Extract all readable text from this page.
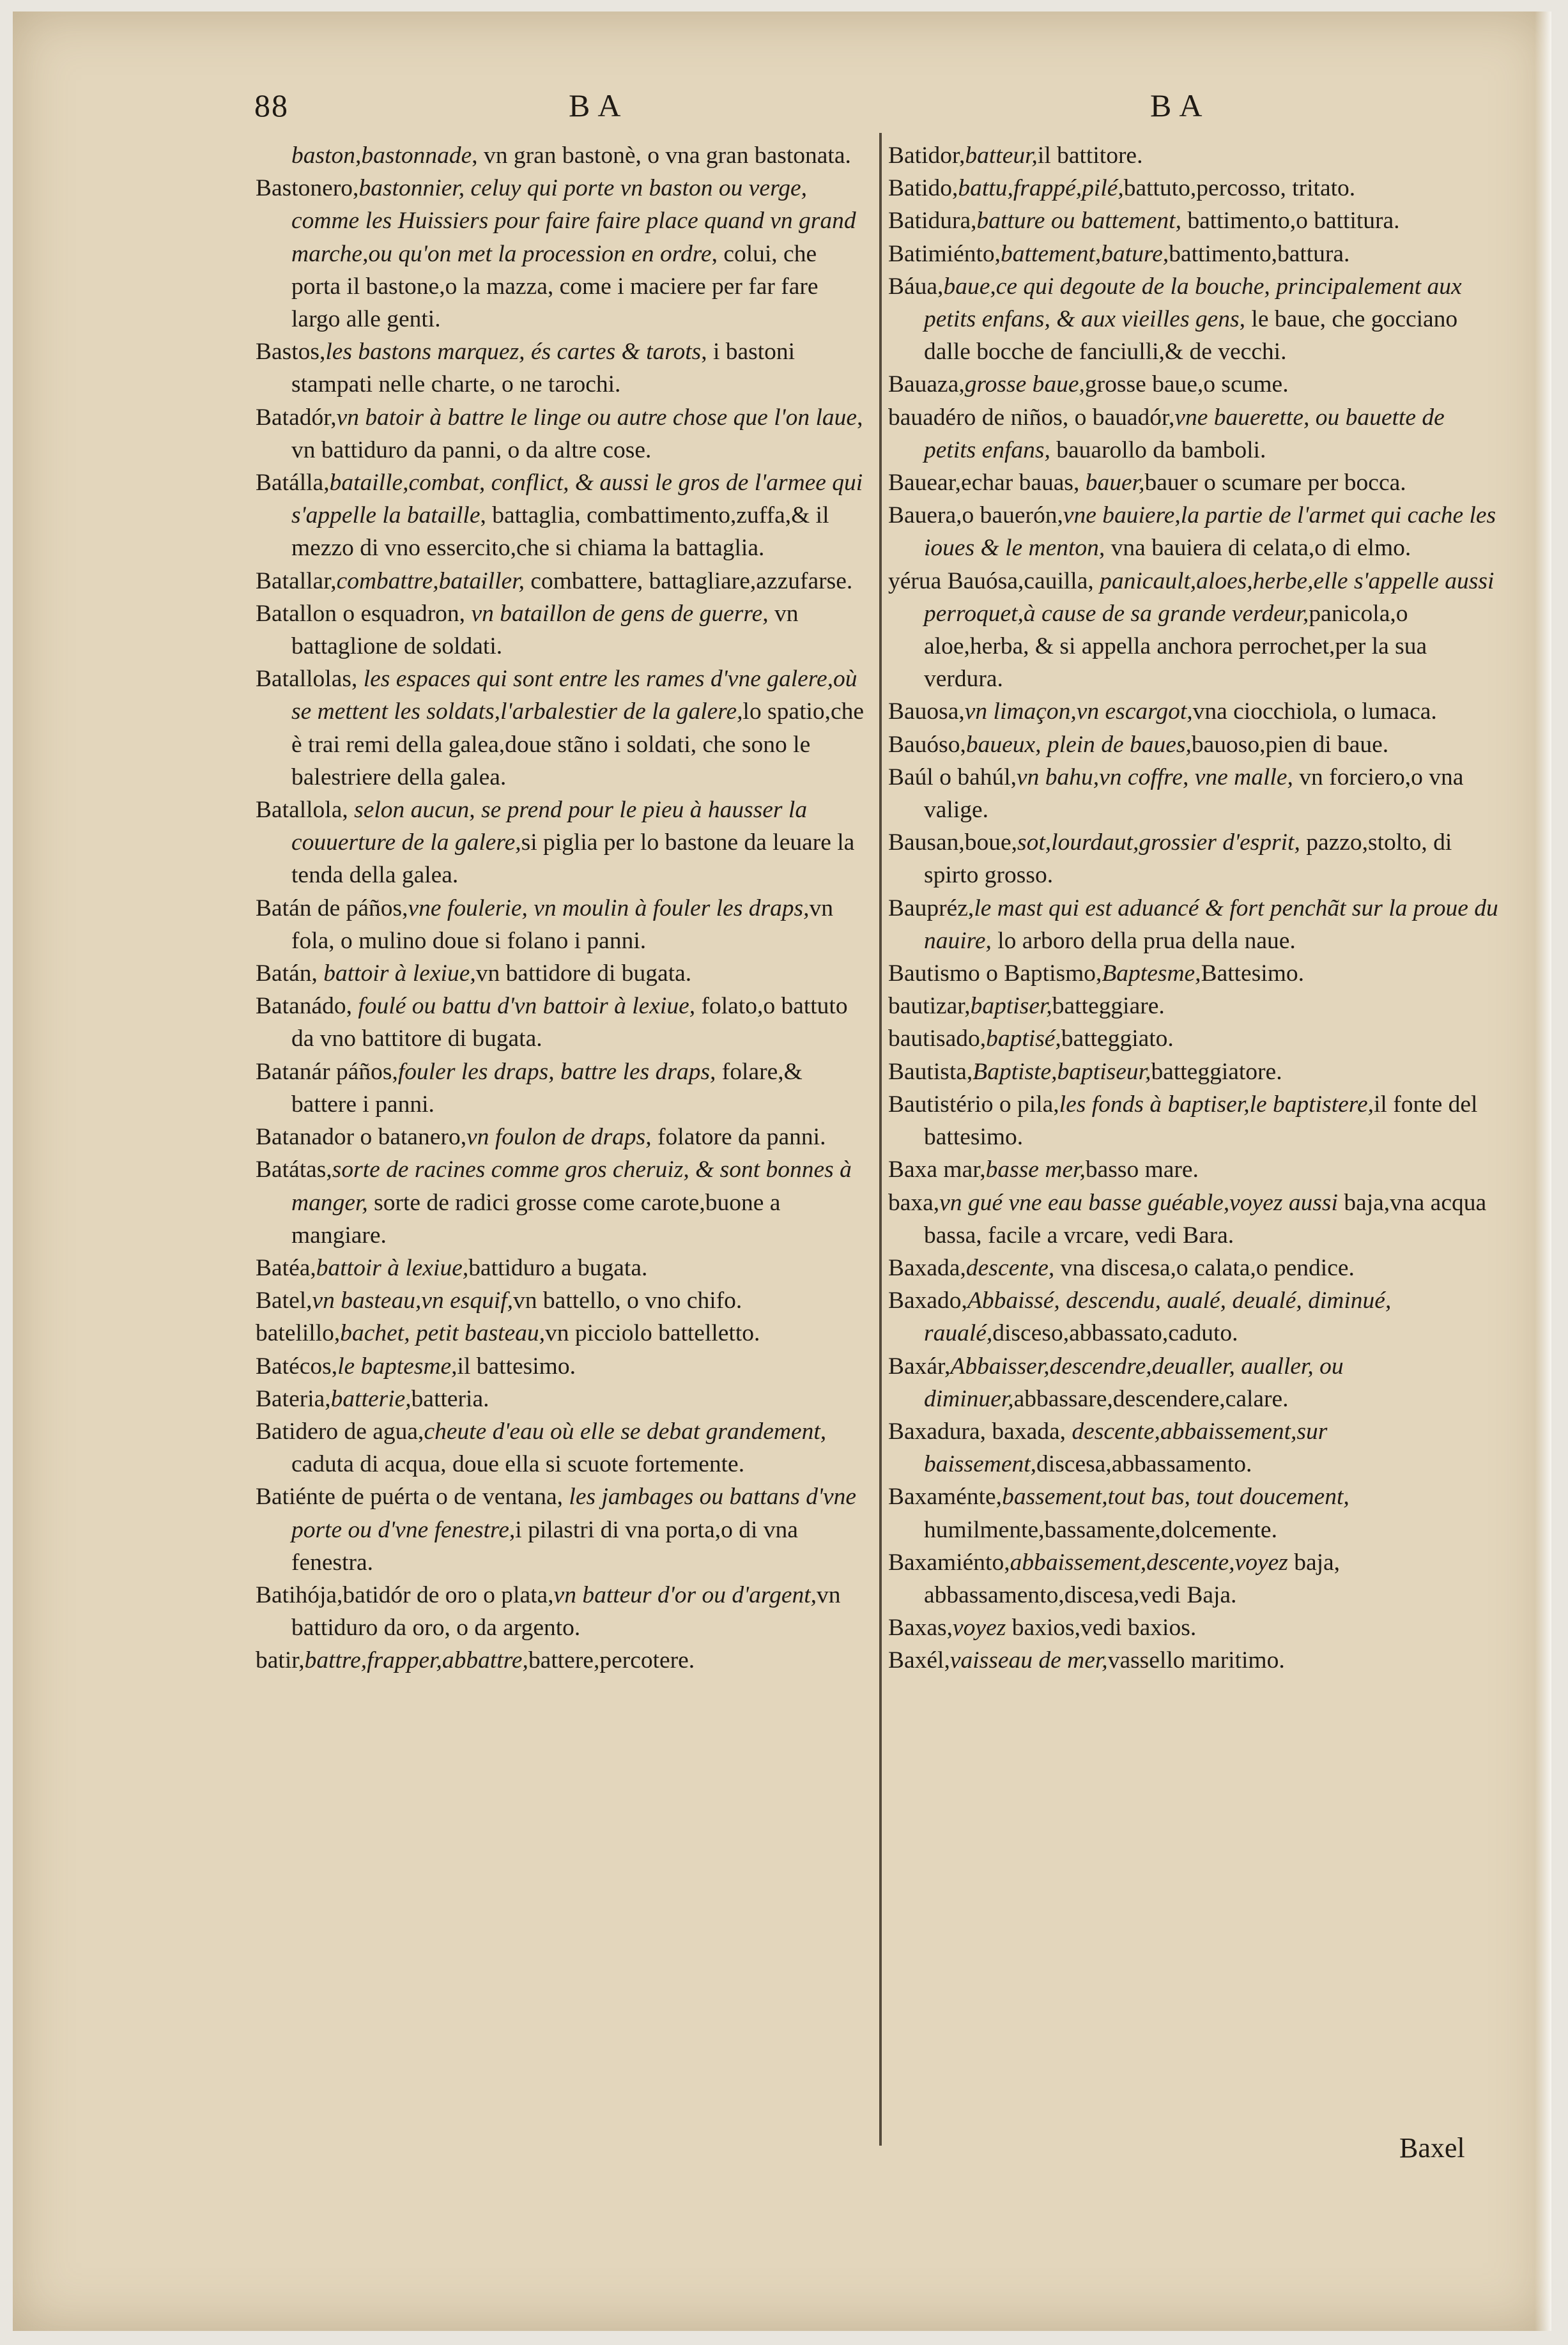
88	BA	BA

baston,bastonnade, vn gran bastonè, o vna gran bastonata.

Bastonero,bastonnier, celuy qui porte vn baston ou verge, comme les Huissiers pour faire faire place quand vn grand marche,ou qu'on met la procession en ordre, colui, che porta il bastone,o la mazza, come i maciere per far fare largo alle genti.

Bastos,les bastons marquez, és cartes & tarots, i bastoni stampati nelle charte, o ne tarochi.

Batadór,vn batoir à battre le linge ou autre chose que l'on laue, vn battiduro da panni, o da altre cose.

Batálla,bataille,combat, conflict, & aussi le gros de l'armee qui s'appelle la bataille, battaglia, combattimento,zuffa,& il mezzo di vno essercito,che si chiama la battaglia.

Batallar,combattre,batailler, combattere, battagliare,azzufarse.

Batallon o esquadron, vn bataillon de gens de guerre, vn battaglione de soldati.

Batallolas, les espaces qui sont entre les rames d'vne galere,où se mettent les soldats,l'arbalestier de la galere,lo spatio,che è trai remi della galea,doue stãno i soldati, che sono le balestriere della galea.

Batallola, selon aucun, se prend pour le pieu à hausser la couuerture de la galere,si piglia per lo bastone da leuare la tenda della galea.

Batán de páños,vne foulerie, vn moulin à fouler les draps,vn fola, o mulino doue si folano i panni.

Batán, battoir à lexiue,vn battidore di bugata.

Batanádo, foulé ou battu d'vn battoir à lexiue, folato,o battuto da vno battitore di bugata.

Batanár páños,fouler les draps, battre les draps, folare,& battere i panni.

Batanador o batanero,vn foulon de draps, folatore da panni.

Batátas,sorte de racines comme gros cheruiz, & sont bonnes à manger, sorte de radici grosse come carote,buone a mangiare.

Batéa,battoir à lexiue,battiduro a bugata.

Batel,vn basteau,vn esquif,vn battello, o vno chifo.

batelillo,bachet, petit basteau,vn picciolo battelletto.

Batécos,le baptesme,il battesimo.

Bateria,batterie,batteria.

Batidero de agua,cheute d'eau où elle se debat grandement, caduta di acqua, doue ella si scuote fortemente.

Batiénte de puérta o de ventana, les jambages ou battans d'vne porte ou d'vne fenestre,i pilastri di vna porta,o di vna fenestra.

Batihója,batidór de oro o plata,vn batteur d'or ou d'argent,vn battiduro da oro, o da argento.

batir,battre,frapper,abbattre,battere,percotere.

Batidor,batteur,il battitore.

Batido,battu,frappé,pilé,battuto,percosso, tritato.

Batidura,batture ou battement, battimento,o battitura.

Batimiénto,battement,bature,battimento,battura.

Báua,baue,ce qui degoute de la bouche, principalement aux petits enfans, & aux vieilles gens, le baue, che gocciano dalle bocche de fanciulli,& de vecchi.

Bauaza,grosse baue,grosse baue,o scume.

bauadéro de niños, o bauadór,vne bauerette, ou bauette de petits enfans, bauarollo da bamboli.

Bauear,echar bauas, bauer,bauer o scumare per bocca.

Bauera,o bauerón,vne bauiere,la partie de l'armet qui cache les ioues & le menton, vna bauiera di celata,o di elmo.

yérua Bauósa,cauilla, panicault,aloes,herbe,elle s'appelle aussi perroquet,à cause de sa grande verdeur,panicola,o aloe,herba, & si appella anchora perrochet,per la sua verdura.

Bauosa,vn limaçon,vn escargot,vna ciocchiola, o lumaca.

Bauóso,baueux, plein de baues,bauoso,pien di baue.

Baúl o bahúl,vn bahu,vn coffre, vne malle, vn forciero,o vna valige.

Bausan,boue,sot,lourdaut,grossier d'esprit, pazzo,stolto, di spirto grosso.

Baupréz,le mast qui est aduancé & fort penchãt sur la proue du nauire, lo arboro della prua della naue.

Bautismo o Baptismo,Baptesme,Battesimo.

bautizar,baptiser,batteggiare.

bautisado,baptisé,batteggiato.

Bautista,Baptiste,baptiseur,batteggiatore.

Bautistério o pila,les fonds à baptiser,le baptistere,il fonte del battesimo.

Baxa mar,basse mer,basso mare.

baxa,vn gué vne eau basse guéable,voyez aussi baja,vna acqua bassa, facile a vrcare, vedi Bara.

Baxada,descente, vna discesa,o calata,o pendice.

Baxado,Abbaissé, descendu, aualé, deualé, diminué, raualé,disceso,abbassato,caduto.

Baxár,Abbaisser,descendre,deualler, aualler, ou diminuer,abbassare,descendere,calare.

Baxadura, baxada, descente,abbaissement,sur baissement,discesa,abbassamento.

Baxaménte,bassement,tout bas, tout doucement, humilmente,bassamente,dolcemente.

Baxamiénto,abbaissement,descente,voyez baja, abbassamento,discesa,vedi Baja.

Baxas,voyez baxios,vedi baxios.

Baxél,vaisseau de mer,vassello maritimo.

Baxel
